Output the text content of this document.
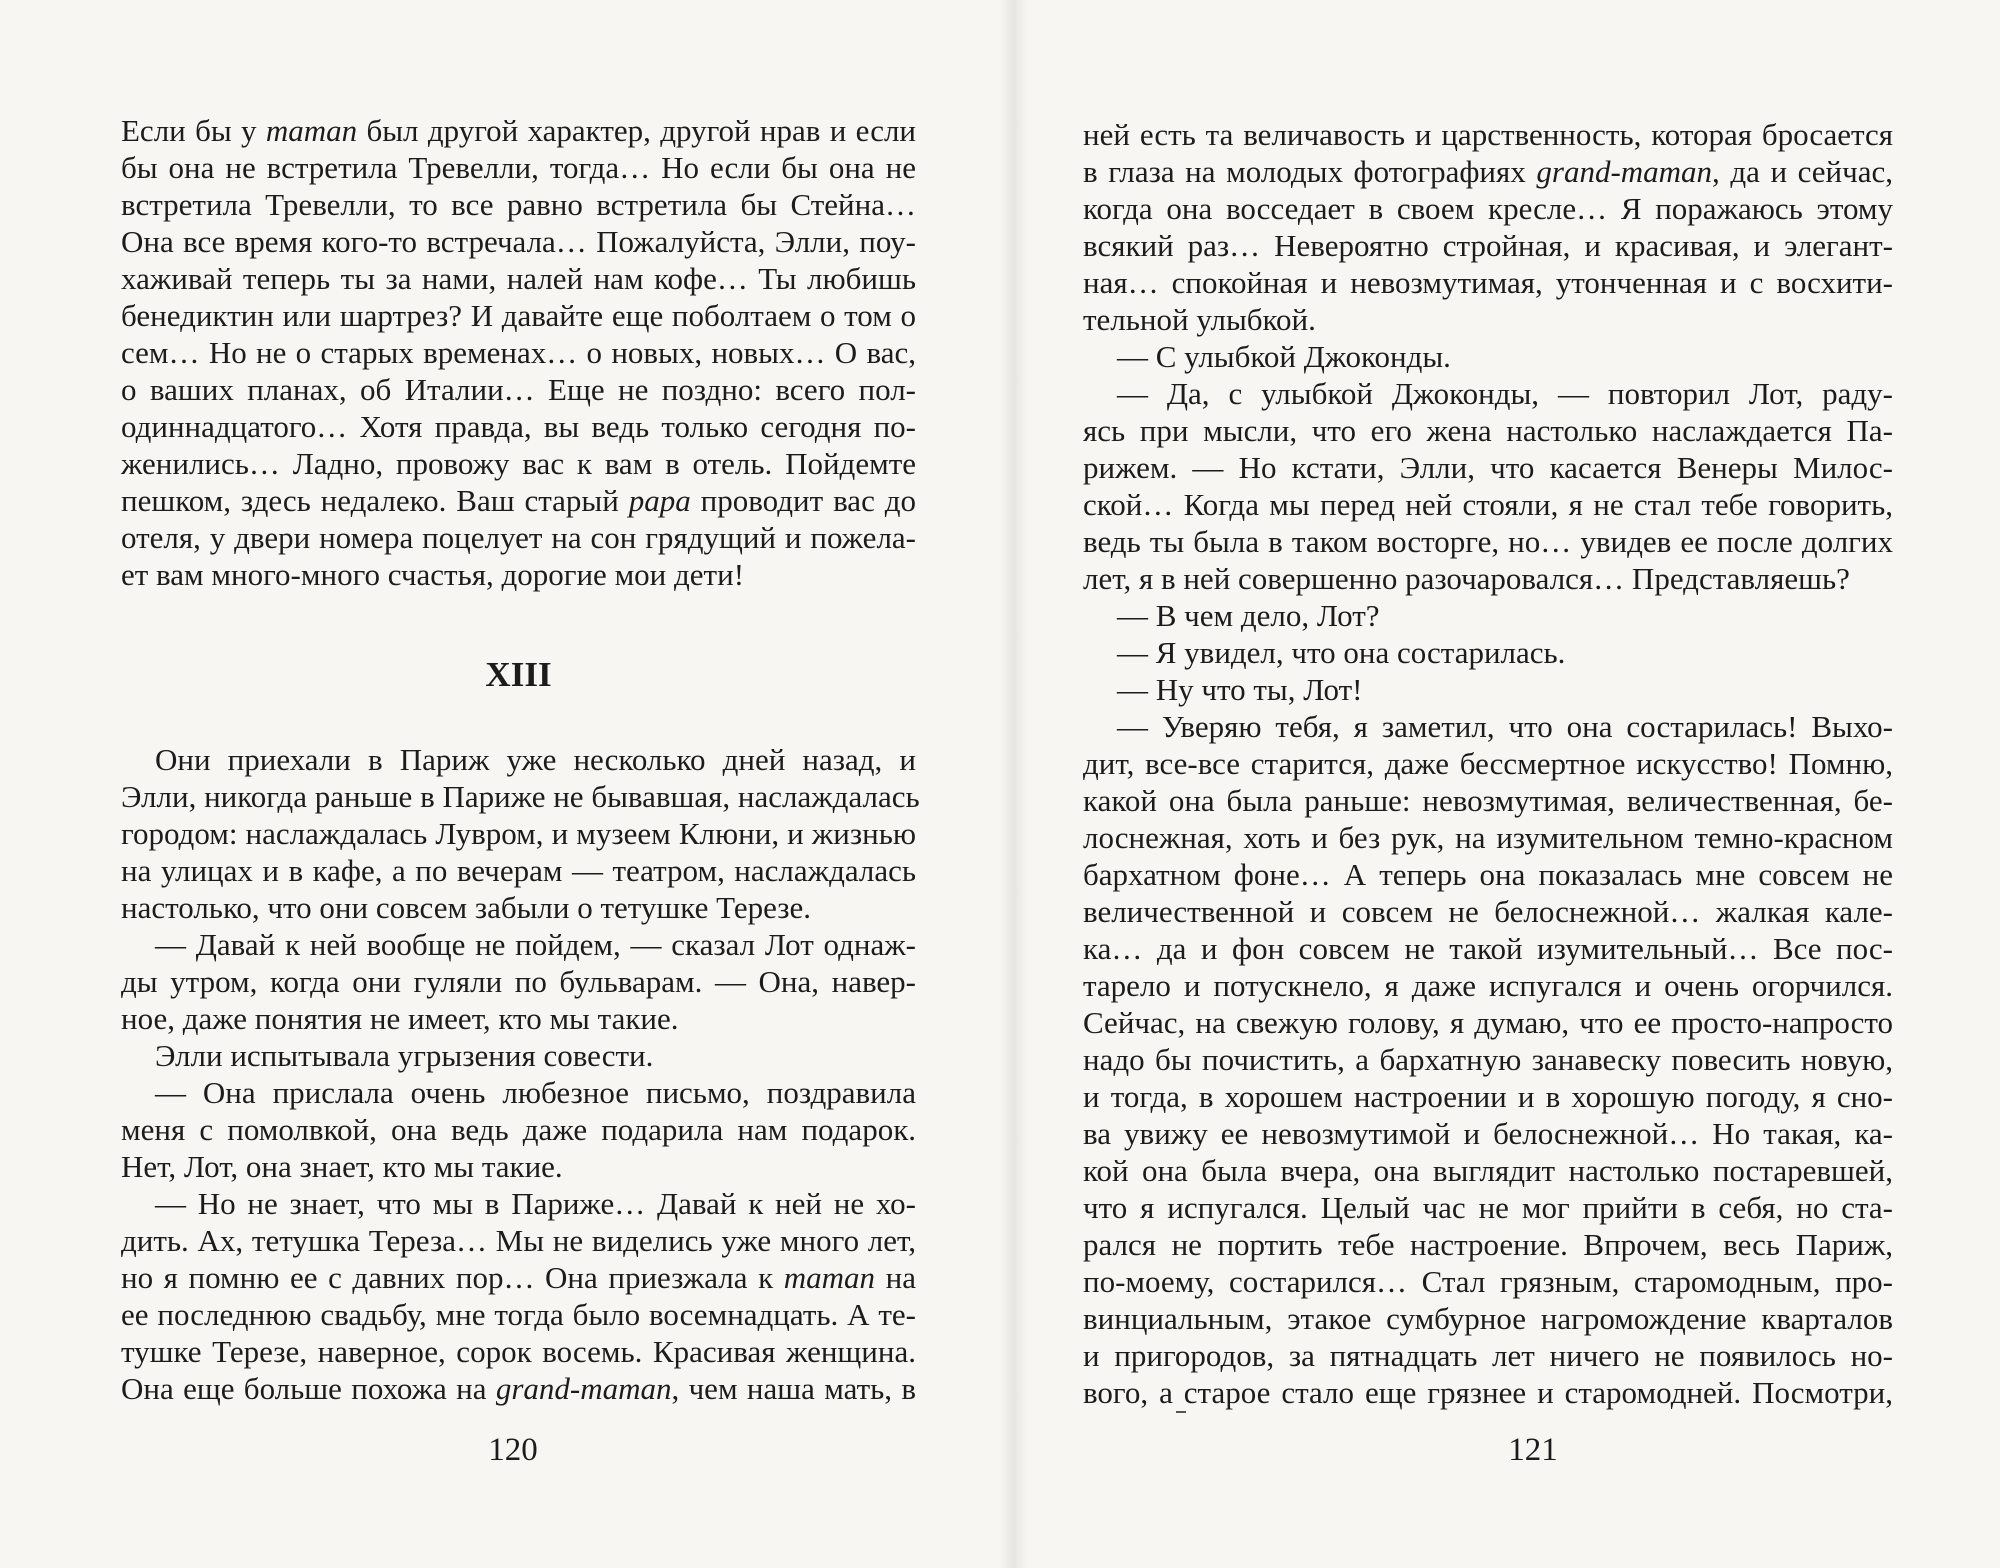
Если бы у maman был другой характер, другой нрав и если
бы она не встретила Тревелли, тогда… Но если бы она не
встретила Тревелли, то все равно встретила бы Стейна…
Она все время кого-то встречала… Пожалуйста, Элли, поу-
хаживай теперь ты за нами, налей нам кофе… Ты любишь
бенедиктин или шартрез? И давайте еще поболтаем о том о
сем… Но не о старых временах… о новых, новых… О вас,
о ваших планах, об Италии… Еще не поздно: всего пол-
одиннадцатого… Хотя правда, вы ведь только сегодня по-
женились… Ладно, провожу вас к вам в отель. Пойдемте
пешком, здесь недалеко. Ваш старый papa проводит вас до
отеля, у двери номера поцелует на сон грядущий и пожела-
ет вам много-много счастья, дорогие мои дети!
XIII
Они приехали в Париж уже несколько дней назад, и
Элли, никогда раньше в Париже не бывавшая, наслаждалась
городом: наслаждалась Лувром, и музеем Клюни, и жизнью
на улицах и в кафе, а по вечерам — театром, наслаждалась
настолько, что они совсем забыли о тетушке Терезе.
— Давай к ней вообще не пойдем, — сказал Лот однаж-
ды утром, когда они гуляли по бульварам. — Она, навер-
ное, даже понятия не имеет, кто мы такие.
Элли испытывала угрызения совести.
— Она прислала очень любезное письмо, поздравила
меня с помолвкой, она ведь даже подарила нам подарок.
Нет, Лот, она знает, кто мы такие.
— Но не знает, что мы в Париже… Давай к ней не хо-
дить. Ах, тетушка Тереза… Мы не виделись уже много лет,
но я помню ее с давних пор… Она приезжала к maman на
ее последнюю свадьбу, мне тогда было восемнадцать. А те-
тушке Терезе, наверное, сорок восемь. Красивая женщина.
Она еще больше похожа на grand-maman, чем наша мать, в
120
ней есть та величавость и царственность, которая бросается
в глаза на молодых фотографиях grand-maman, да и сейчас,
когда она восседает в своем кресле… Я поражаюсь этому
всякий раз… Невероятно стройная, и красивая, и элегант-
ная… спокойная и невозмутимая, утонченная и с восхити-
тельной улыбкой.
— С улыбкой Джоконды.
— Да, с улыбкой Джоконды, — повторил Лот, раду-
ясь при мысли, что его жена настолько наслаждается Па-
рижем. — Но кстати, Элли, что касается Венеры Милос-
ской… Когда мы перед ней стояли, я не стал тебе говорить,
ведь ты была в таком восторге, но… увидев ее после долгих
лет, я в ней совершенно разочаровался… Представляешь?
— В чем дело, Лот?
— Я увидел, что она состарилась.
— Ну что ты, Лот!
— Уверяю тебя, я заметил, что она состарилась! Выхо-
дит, все-все старится, даже бессмертное искусство! Помню,
какой она была раньше: невозмутимая, величественная, бе-
лоснежная, хоть и без рук, на изумительном темно-красном
бархатном фоне… А теперь она показалась мне совсем не
величественной и совсем не белоснежной… жалкая кале-
ка… да и фон совсем не такой изумительный… Все пос-
тарело и потускнело, я даже испугался и очень огорчился.
Сейчас, на свежую голову, я думаю, что ее просто-напросто
надо бы почистить, а бархатную занавеску повесить новую,
и тогда, в хорошем настроении и в хорошую погоду, я сно-
ва увижу ее невозмутимой и белоснежной… Но такая, ка-
кой она была вчера, она выглядит настолько постаревшей,
что я испугался. Целый час не мог прийти в себя, но ста-
рался не портить тебе настроение. Впрочем, весь Париж,
по-моему, состарился… Стал грязным, старомодным, про-
винциальным, этакое сумбурное нагромождение кварталов
и пригородов, за пятнадцать лет ничего не появилось но-
вого, а старое стало еще грязнее и старомодней. Посмотри,
121
